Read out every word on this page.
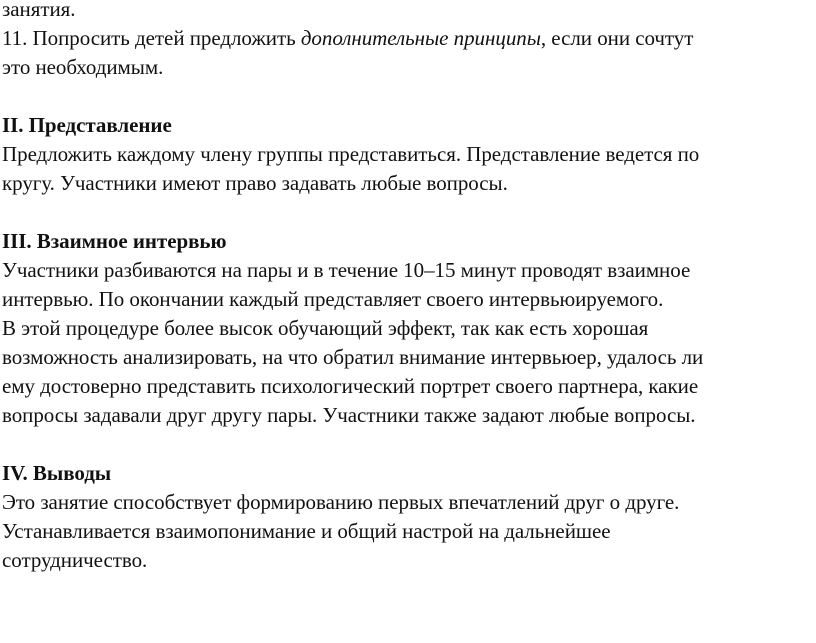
занятия.
11. Попросить детей предложить дополнительные принципы, если они сочтут
это необходимым.
II. Представление
Предложить каждому члену группы представиться. Представление ведется по
кругу. Участники имеют право задавать любые вопросы.
III. Взаимное интервью
Участники разбиваются на пары и в течение 10–15 минут проводят взаимное
интервью. По окончании каждый представляет своего интервьюируемого.
В этой процедуре более высок обучающий эффект, так как есть хорошая
возможность анализировать, на что обратил внимание интервьюер, удалось ли
ему достоверно представить психологический портрет своего партнера, какие
вопросы задавали друг другу пары. Участники также задают любые вопросы.
IV. Выводы
Это занятие способствует формированию первых впечатлений друг о друге.
Устанавливается взаимопонимание и общий настрой на дальнейшее
сотрудничество.
